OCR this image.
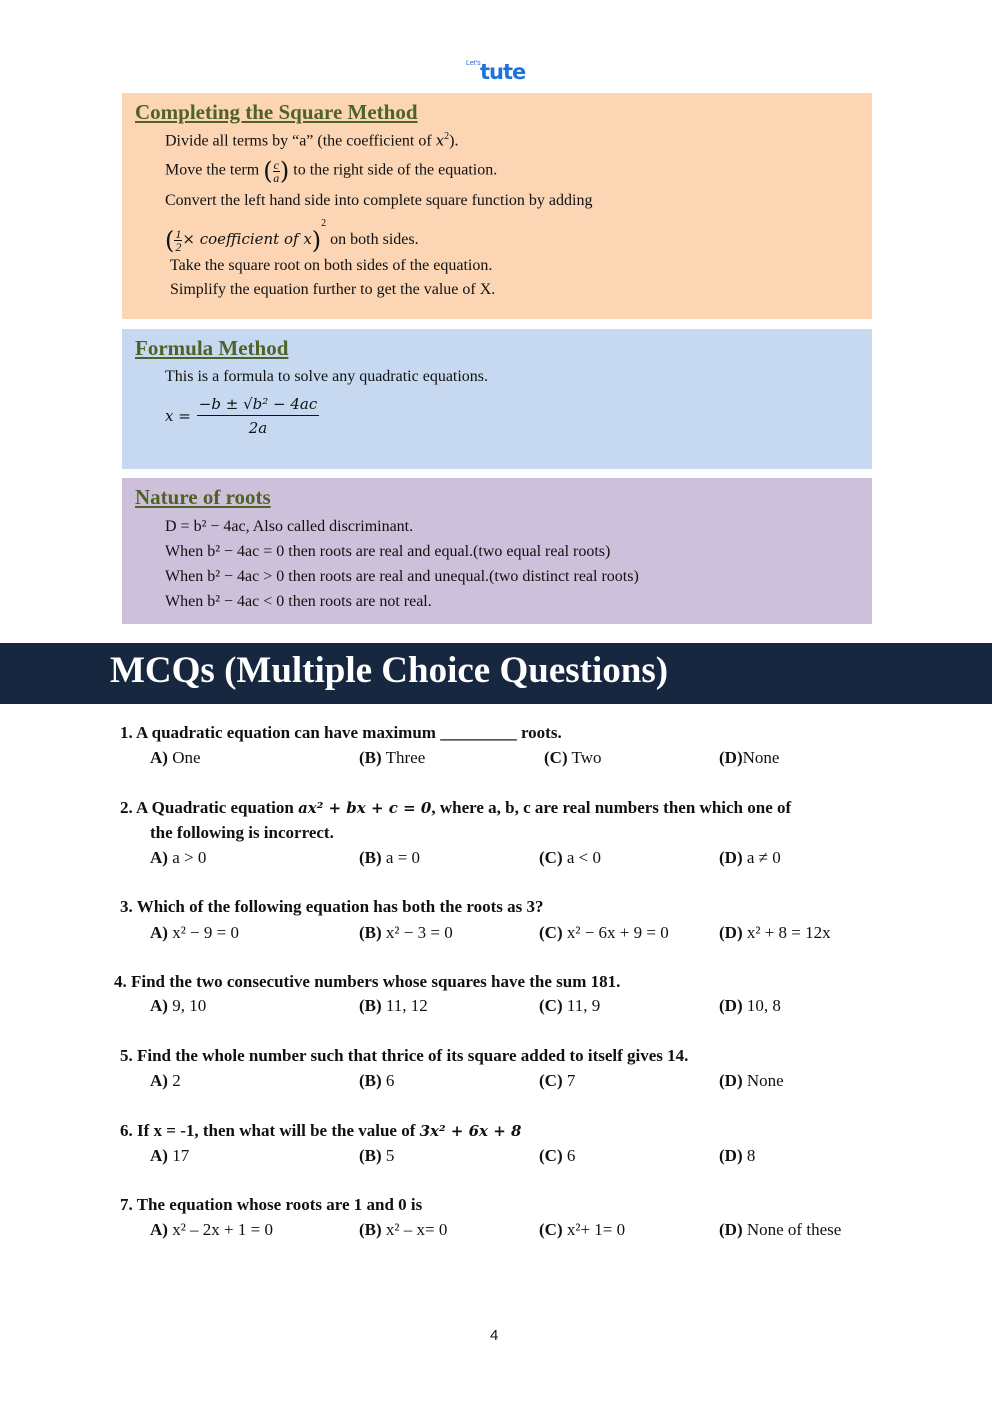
Let's tute
Completing the Square Method
Divide all terms by “a” (the coefficient of $x^2$).
Move the term ( $\frac{c}{a}$ ) to the right side of the equation.
Convert the left hand side into complete square function by adding
( $\frac{1}{2}$ × coefficient of x)$^2$ on both sides.
Take the square root on both sides of the equation.
Simplify the equation further to get the value of X.
Formula Method
This is a formula to solve any quadratic equations.
$x = \frac{\text{−b ± √b² − 4ac}}{2a}$
Nature of roots
D = b² − 4ac, Also called discriminant.
When b² − 4ac = 0 then roots are real and equal.(two equal real roots)
When b² − 4ac > 0 then roots are real and unequal.(two distinct real roots)
When b² − 4ac < 0 then roots are not real.
MCQs (Multiple Choice Questions)
1. A quadratic equation can have maximum _________ roots.
A) One	(B) Three	(C) Two	(D)None
2. A Quadratic equation ax² + bx + c = 0, where a, b, c are real numbers then which one of
the following is incorrect.
A) a > 0	(B) a = 0	(C) a < 0	(D) a ≠ 0
3. Which of the following equation has both the roots as 3?
A) x² − 9 = 0	(B) x² − 3 = 0	(C) x² − 6x + 9 = 0	(D) x² + 8 = 12x
4. Find the two consecutive numbers whose squares have the sum 181.
A) 9, 10	(B) 11, 12	(C) 11, 9	(D) 10, 8
5. Find the whole number such that thrice of its square added to itself gives 14.
A) 2	(B) 6	(C) 7	(D) None
6. If x = -1, then what will be the value of 3x² + 6x + 8
A) 17	(B) 5	(C) 6	(D) 8
7. The equation whose roots are 1 and 0 is
A) x² – 2x + 1 = 0	(B) x² – x= 0	(C) x²+ 1= 0	(D) None of these
4
